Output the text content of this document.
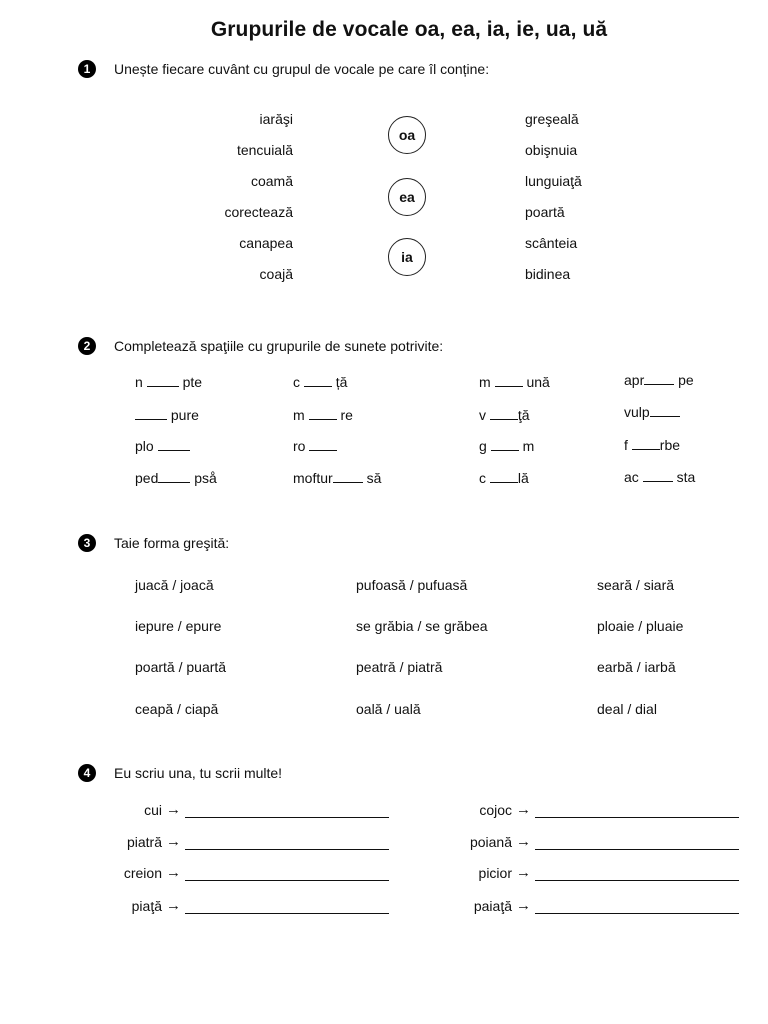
Grupurile de vocale oa, ea, ia, ie, ua, uă
1	Unește fiecare cuvânt cu grupul de vocale pe care îl conține:
iarăşi
tencuială
coamă
corectează
canapea
coajă
oa
ea
ia
greşeală
obişnuia
lunguiaţă
poartă
scânteia
bidinea
2	Completează spaţiile cu grupurile de sunete potrivite:
n  pte
pure
plo
ped pså
c  ță
m  re
ro
moftur să
m  ună
v ţă
g  m
c lă
apr pe
vulp
f rbe
ac  sta
3	Taie forma greşită:
juacă / joacă
iepure / epure
poartă / puartă
ceapă / ciapă
pufoasă / pufuasă
se grăbia / se grăbea
peatră / piatră
oală / uală
seară / siară
ploaie / pluaie
earbă / iarbă
deal / dial
4	Eu scriu una, tu scrii multe!
cui →
piatră →
creion →
piaţă →
cojoc →
poiană →
picior →
paiaţă →
